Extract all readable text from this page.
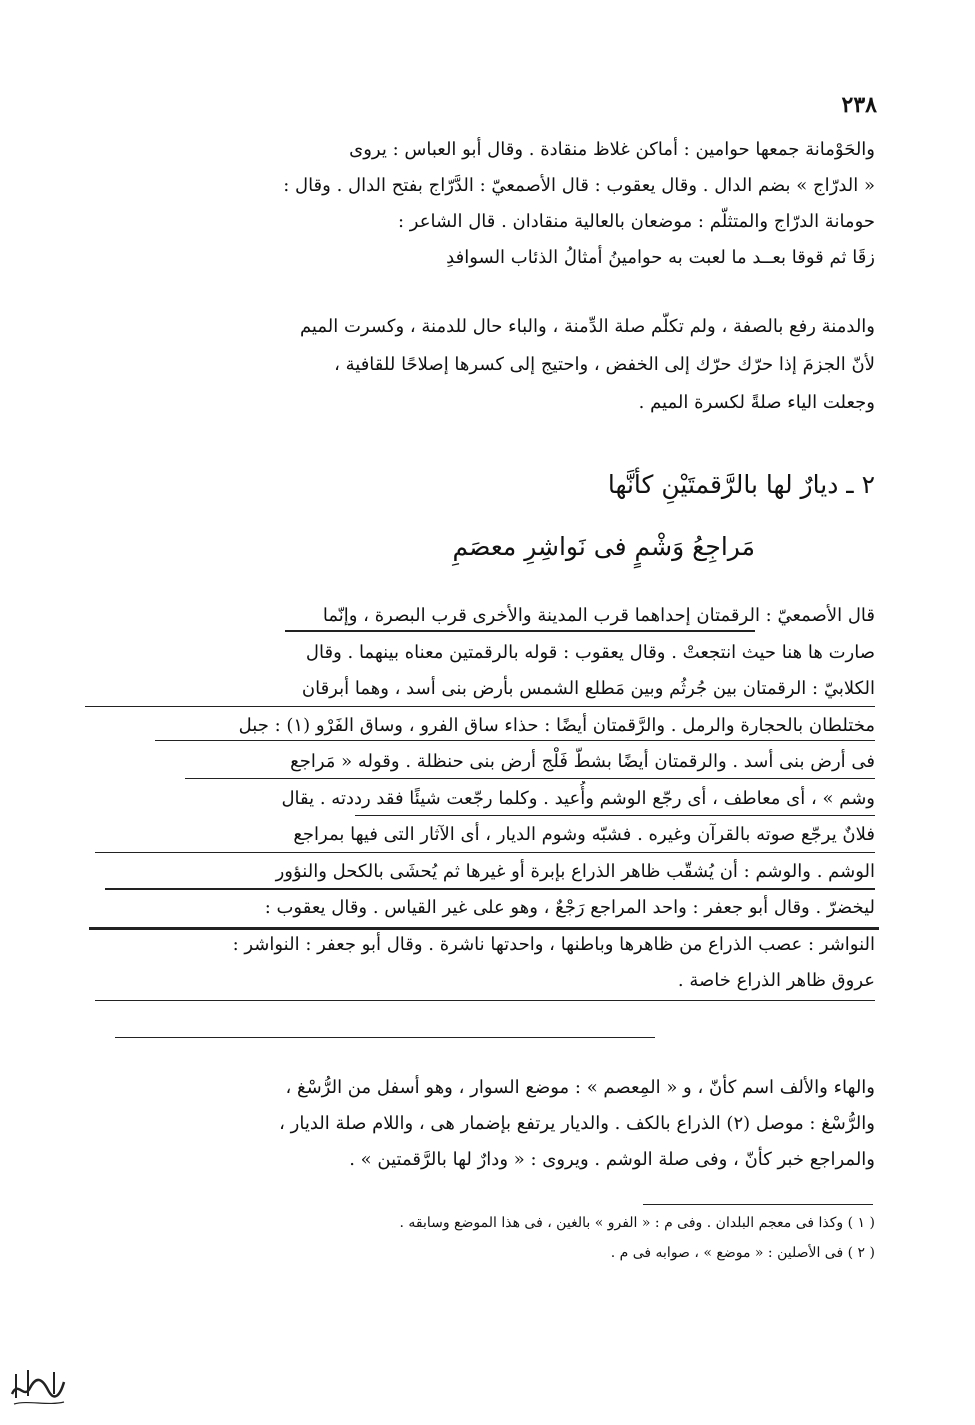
٢٣٨
والحَوْمانة جمعها حوامين : أماكن غلاظ منقادة . وقال أبو العباس : يروى
« الدرّاج » بضم الدال . وقال يعقوب : قال الأصمعيّ : الدَّرّاج بفتح الدال . وقال :
حومانة الدرّاج والمتثلّم : موضعان بالعالية منقادان . قال الشاعر :
زقَا ثم قوقا بعــد ما لعبت به حوامينُ أمثالُ الذئاب السوافدِ
والدمنة رفع بالصفة ، ولم تكلّم صلة الدِّمنة ، والباء حال للدمنة ، وكسرت الميم
لأنّ الجزمَ إذا حرّك حرّك إلى الخفض ، واحتيج إلى كسرها إصلاحًا للقافية ،
وجعلت الياء صلةً لكسرة الميم .
٢ ـ ديارٌ لها بالرَّقمتَيْنِ كأنَّها
مَراجِعُ وَشْمٍ فى نَواشِرِ معصَمِ
قال الأصمعيّ : الرقمتان إحداهما قرب المدينة والأخرى قرب البصرة ، وإنّما
صارت ها هنا حيث انتجعتْ . وقال يعقوب : قوله بالرقمتين معناه بينهما . وقال
الكلابيّ : الرقمتان بين جُرثُم وبين مَطلع الشمس بأرض بنى أسد ، وهما أبرقان
مختلطان بالحجارة والرمل . والرَّقمتان أيضًا : حذاء ساق الفرو ، وساق الفَرْو (١) : جبل
فى أرض بنى أسد . والرقمتان أيضًا بشطّ فَلْج أرض بنى حنظلة . وقوله « مَراجع
وشم » ، أى معاطف ، أى رجّع الوشم وأُعيد . وكلما رجّعت شيئًا فقد رددته . يقال
فلانٌ يرجّع صوته بالقرآن وغيره . فشبّه وشوم الديار ، أى الآثار التى فيها بمراجع
الوشم . والوشم : أن يُشقّب ظاهر الذراع بإبرة أو غيرها ثم يُحشَى بالكحل والنؤور
ليخضرّ . وقال أبو جعفر : واحد المراجع رَجْعٌ ، وهو على غير القياس . وقال يعقوب :
النواشر : عصب الذراع من ظاهرها وباطنها ، واحدتها ناشرة . وقال أبو جعفر : النواشر :
عروق ظاهر الذراع خاصة .
والهاء والألف اسم كأنّ ، و « المِعصم » : موضع السوار ، وهو أسفل من الرُّسْغ ،
والرُّسْغ : موصل (٢) الذراع بالكف . والديار يرتفع بإضمار هى ، واللام صلة الديار ،
والمراجع خبر كأنّ ، وفى صلة الوشم . ويروى : « ودارٌ لها بالرَّقمتين » .
( ١ ) وكذا فى معجم البلدان . وفى م : « الفرو » بالغين ، فى هذا الموضع وسابقه .
( ٢ ) فى الأصلين : « موضع » ، صوابه فى م .
